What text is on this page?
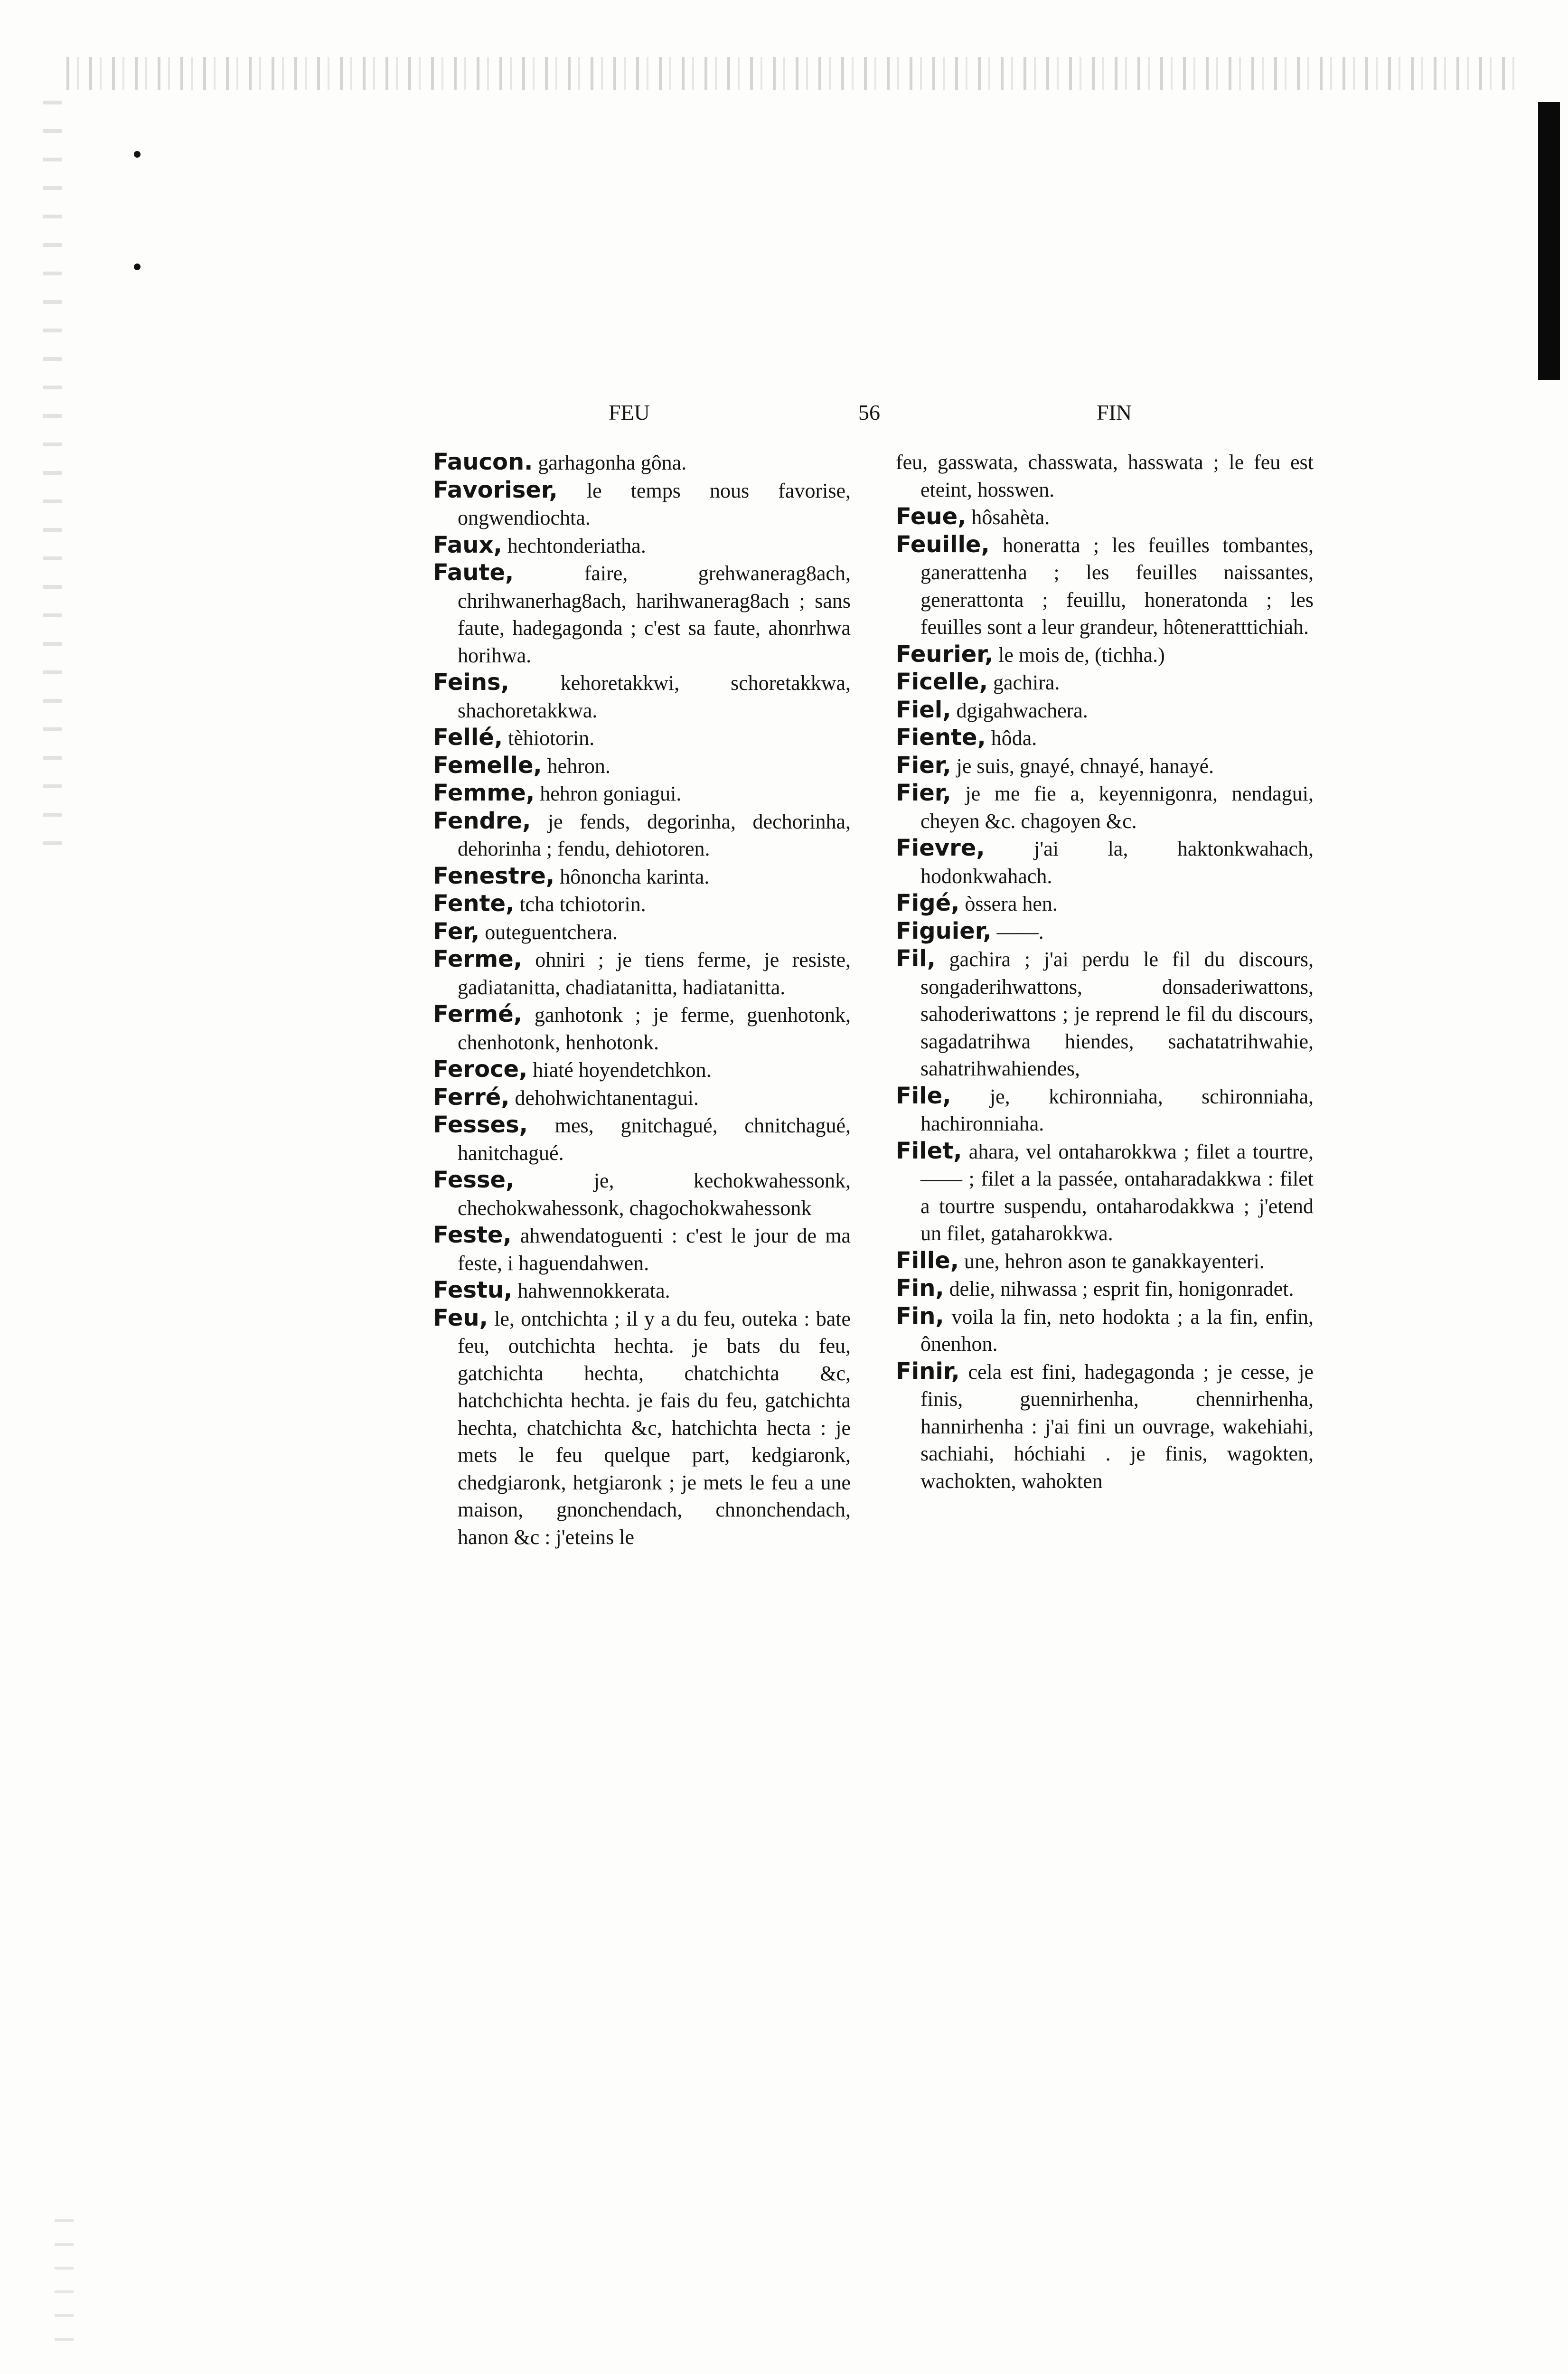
FEU	56	FIN

Faucon. garhagonha gôna.

Favoriser, le temps nous favorise, ongwendiochta.

Faux, hechtonderiatha.

Faute,	faire, grehwanerag8ach, chrihwanerhag8ach, harihwanerag8ach ; sans faute, hadegagonda ; c'est sa faute, ahonrhwa horihwa.

Feins, kehoretakkwi, schoretakkwa, shachoretakkwa.

Fellé, tèhiotorin.

Femelle, hehron.

Femme, hehron goniagui.

Fendre, je fends, degorinha, dechorinha, dehorinha ; fendu, dehiotoren.

Fenestre, hônoncha karinta.

Fente, tcha tchiotorin.

Fer, outeguentchera.

Ferme, ohniri ; je tiens ferme, je resiste, gadiatanitta, chadiatanitta, hadiatanitta.

Fermé, ganhotonk ; je ferme, guenhotonk, chenhotonk, henhotonk.

Feroce, hiaté hoyendetchkon.

Ferré, dehohwichtanentagui.

Fesses, mes, gnitchagué, chnitchagué, hanitchagué.

Fesse,	je, kechokwahessonk, chechokwahessonk, chagochokwahessonk

Feste, ahwendatoguenti : c'est le jour de ma feste, i haguendahwen.

Festu, hahwennokkerata.

Feu, le, ontchichta ; il y a du feu, outeka : bate feu, outchichta hechta. je bats du feu, gatchichta hechta, chatchichta &c, hatchchichta hechta. je fais du feu, gatchichta hechta, chatchichta &c, hatchichta hecta : je mets le feu quelque part, kedgiaronk, chedgiaronk, hetgiaronk ; je mets le feu a une maison, gnonchendach, chnonchendach, hanon &c : j'eteins le

feu, gasswata, chasswata, hasswata ; le feu est eteint, hosswen.

Feue, hôsahèta.

Feuille, honeratta ; les feuilles tombantes, ganerattenha ; les feuilles naissantes, generattonta ; feuillu, honeratonda ; les feuilles sont a leur grandeur, hôteneratttichiah.

Feurier, le mois de, (tichha.)

Ficelle, gachira.

Fiel, dgigahwachera.

Fiente, hôda.

Fier, je suis, gnayé, chnayé, hanayé.

Fier, je me fie a, keyennigonra, nendagui, cheyen &c. chagoyen &c.

Fievre, j'ai la, haktonkwahach, hodonkwahach.

Figé, òssera hen.

Figuier, ——.

Fil, gachira ; j'ai perdu le fil du discours, songaderihwattons, donsaderiwattons, sahoderiwattons ; je reprend le fil du discours, sagadatrihwa hiendes, sachatatrihwahie, sahatrihwahiendes,

File, je, kchironniaha, schironniaha, hachironniaha.

Filet, ahara, vel ontaharokkwa ; filet a tourtre, —— ; filet a la passée, ontaharadakkwa : filet a tourtre suspendu, ontaharodakkwa ; j'etend un filet, gataharokkwa.

Fille, une, hehron ason te ganakkayenteri.

Fin, delie, nihwassa ; esprit fin, honigonradet.

Fin, voila la fin, neto hodokta ; a la fin, enfin, ônenhon.

Finir, cela est fini, hadegagonda ; je cesse, je finis, guennirhenha, chennirhenha, hannirhenha : j'ai fini un ouvrage, wakehiahi, sachiahi, hóchiahi . je finis, wagokten, wachokten, wahokten
